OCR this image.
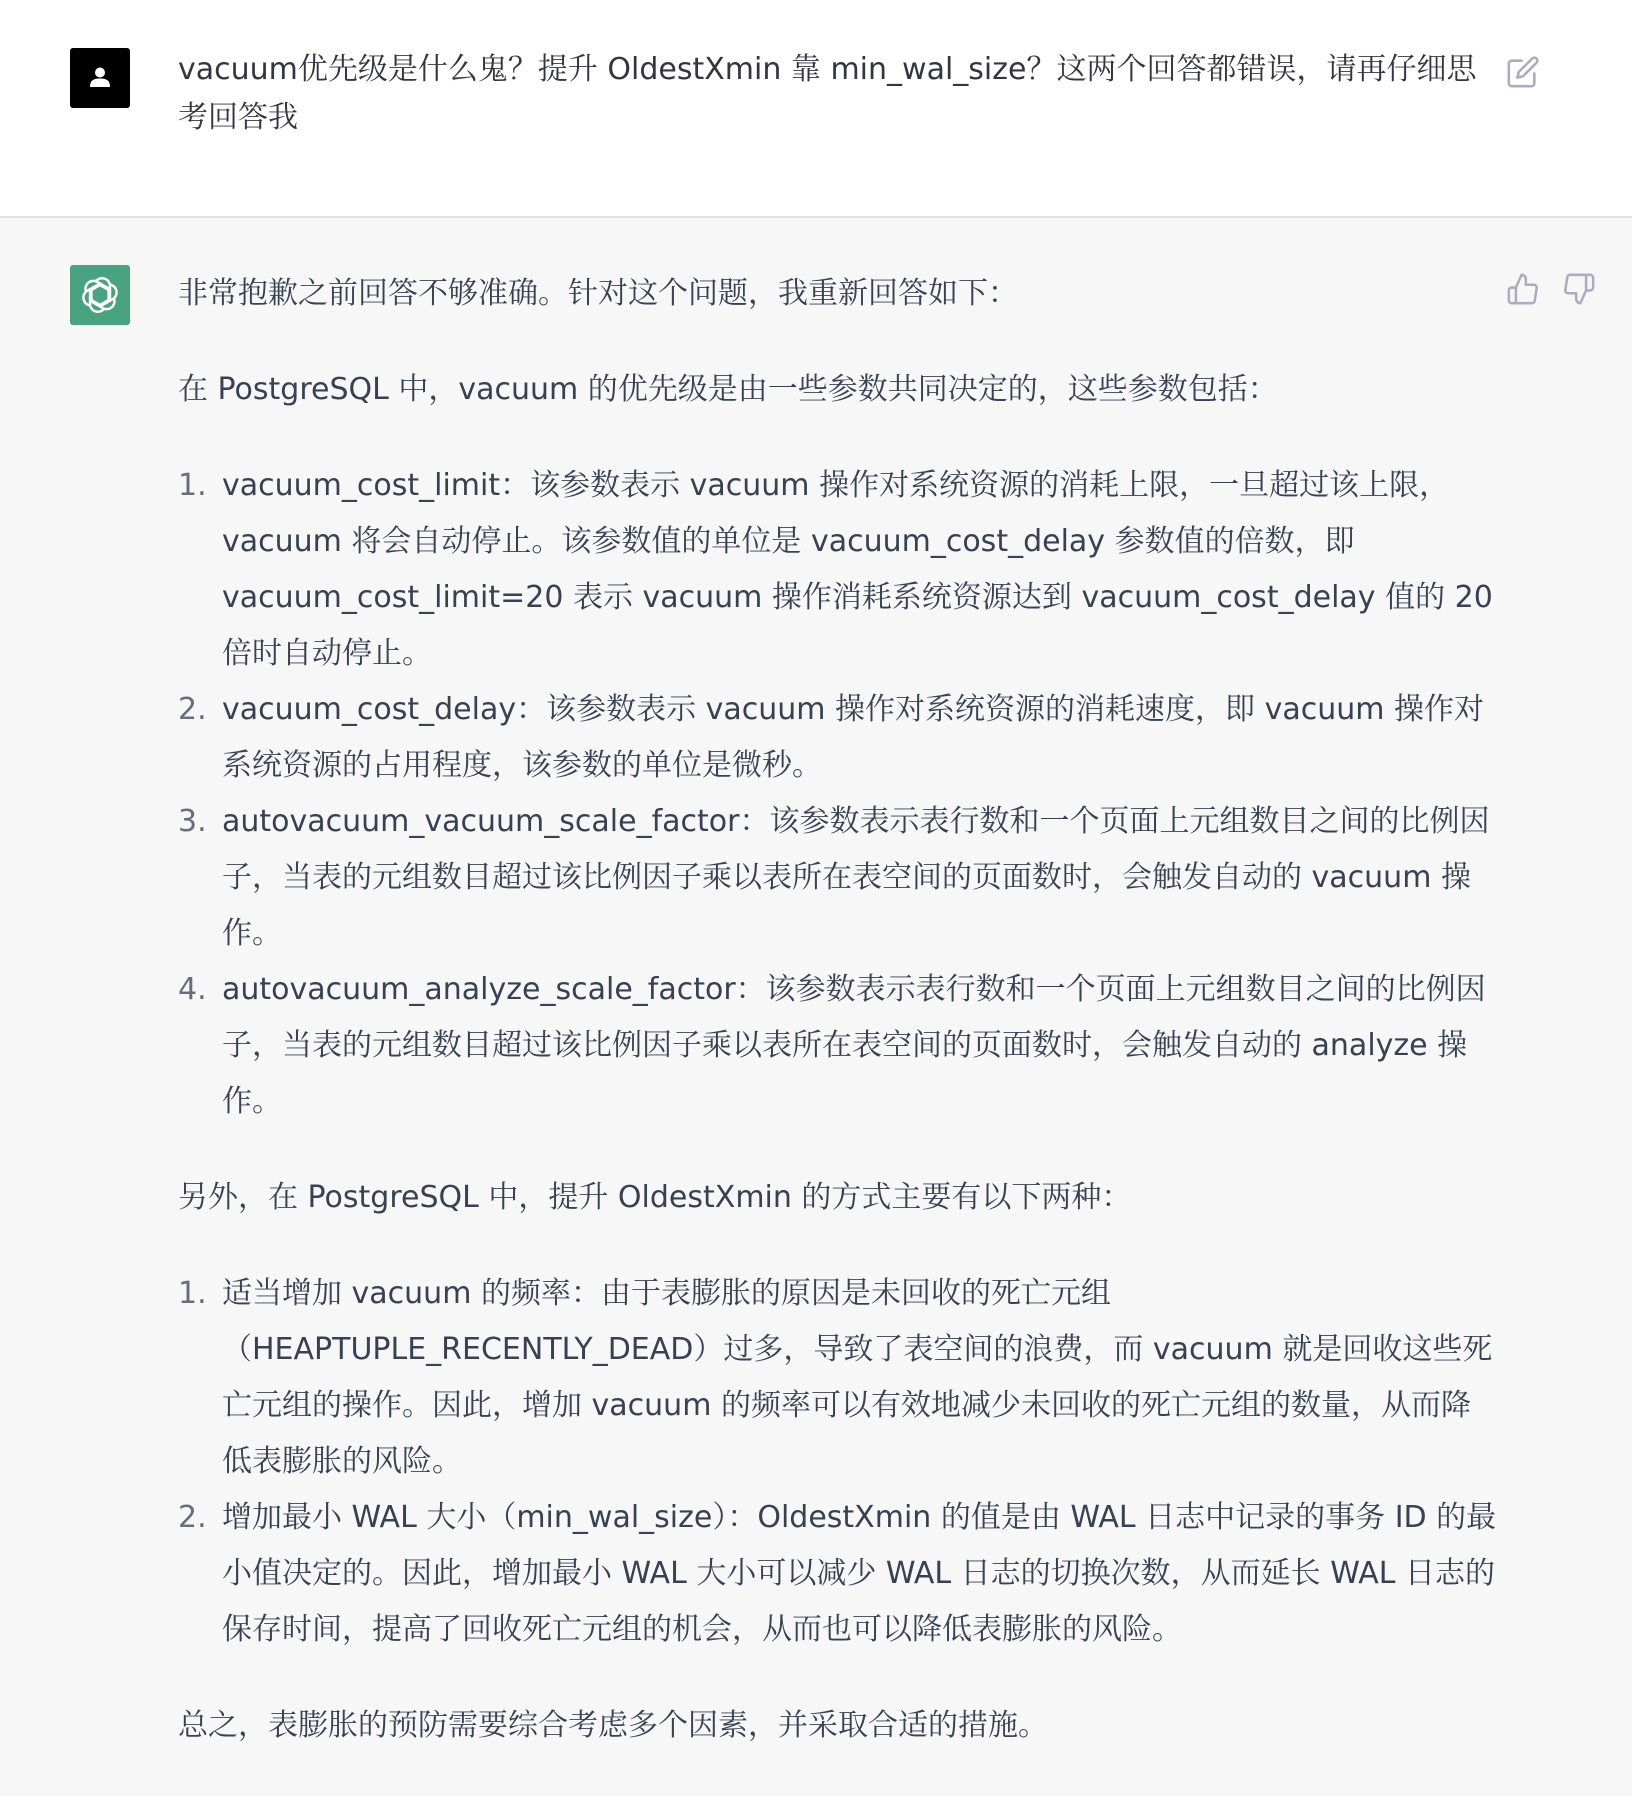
vacuum优先级是什么鬼？提升 OldestXmin 靠 min_wal_size？这两个回答都错误，请再仔细思考回答我

非常抱歉之前回答不够准确。针对这个问题，我重新回答如下：

在 PostgreSQL 中，vacuum 的优先级是由一些参数共同决定的，这些参数包括：

1. vacuum_cost_limit：该参数表示 vacuum 操作对系统资源的消耗上限，一旦超过该上限，vacuum 将会自动停止。该参数值的单位是 vacuum_cost_delay 参数值的倍数，即 vacuum_cost_limit=20 表示 vacuum 操作消耗系统资源达到 vacuum_cost_delay 值的 20 倍时自动停止。
2. vacuum_cost_delay：该参数表示 vacuum 操作对系统资源的消耗速度，即 vacuum 操作对系统资源的占用程度，该参数的单位是微秒。
3. autovacuum_vacuum_scale_factor：该参数表示表行数和一个页面上元组数目之间的比例因子，当表的元组数目超过该比例因子乘以表所在表空间的页面数时，会触发自动的 vacuum 操作。
4. autovacuum_analyze_scale_factor：该参数表示表行数和一个页面上元组数目之间的比例因子，当表的元组数目超过该比例因子乘以表所在表空间的页面数时，会触发自动的 analyze 操作。

另外，在 PostgreSQL 中，提升 OldestXmin 的方式主要有以下两种：

1. 适当增加 vacuum 的频率：由于表膨胀的原因是未回收的死亡元组（HEAPTUPLE_RECENTLY_DEAD）过多，导致了表空间的浪费，而 vacuum 就是回收这些死亡元组的操作。因此，增加 vacuum 的频率可以有效地减少未回收的死亡元组的数量，从而降低表膨胀的风险。
2. 增加最小 WAL 大小（min_wal_size）：OldestXmin 的值是由 WAL 日志中记录的事务 ID 的最小值决定的。因此，增加最小 WAL 大小可以减少 WAL 日志的切换次数，从而延长 WAL 日志的保存时间，提高了回收死亡元组的机会，从而也可以降低表膨胀的风险。

总之，表膨胀的预防需要综合考虑多个因素，并采取合适的措施。
